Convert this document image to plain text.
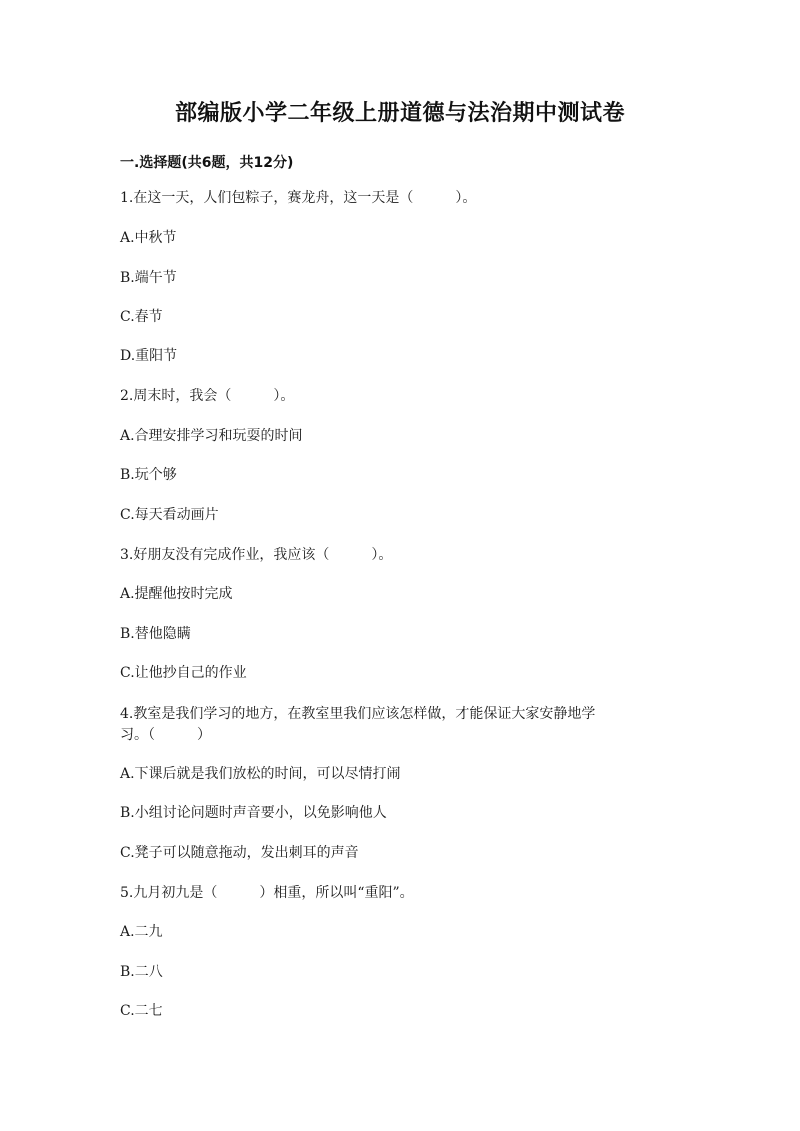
部编版小学二年级上册道德与法治期中测试卷
一.选择题(共6题，共12分)
1.在这一天，人们包粽子，赛龙舟，这一天是（　　　）。
A.中秋节
B.端午节
C.春节
D.重阳节
2.周末时，我会（　　　）。
A.合理安排学习和玩耍的时间
B.玩个够
C.每天看动画片
3.好朋友没有完成作业，我应该（　　　）。
A.提醒他按时完成
B.替他隐瞒
C.让他抄自己的作业
4.教室是我们学习的地方，在教室里我们应该怎样做，才能保证大家安静地学
习。（　　　）
A.下课后就是我们放松的时间，可以尽情打闹
B.小组讨论问题时声音要小，以免影响他人
C.凳子可以随意拖动，发出刺耳的声音
5.九月初九是（　　　）相重，所以叫“重阳”。
A.二九
B.二八
C.二七
